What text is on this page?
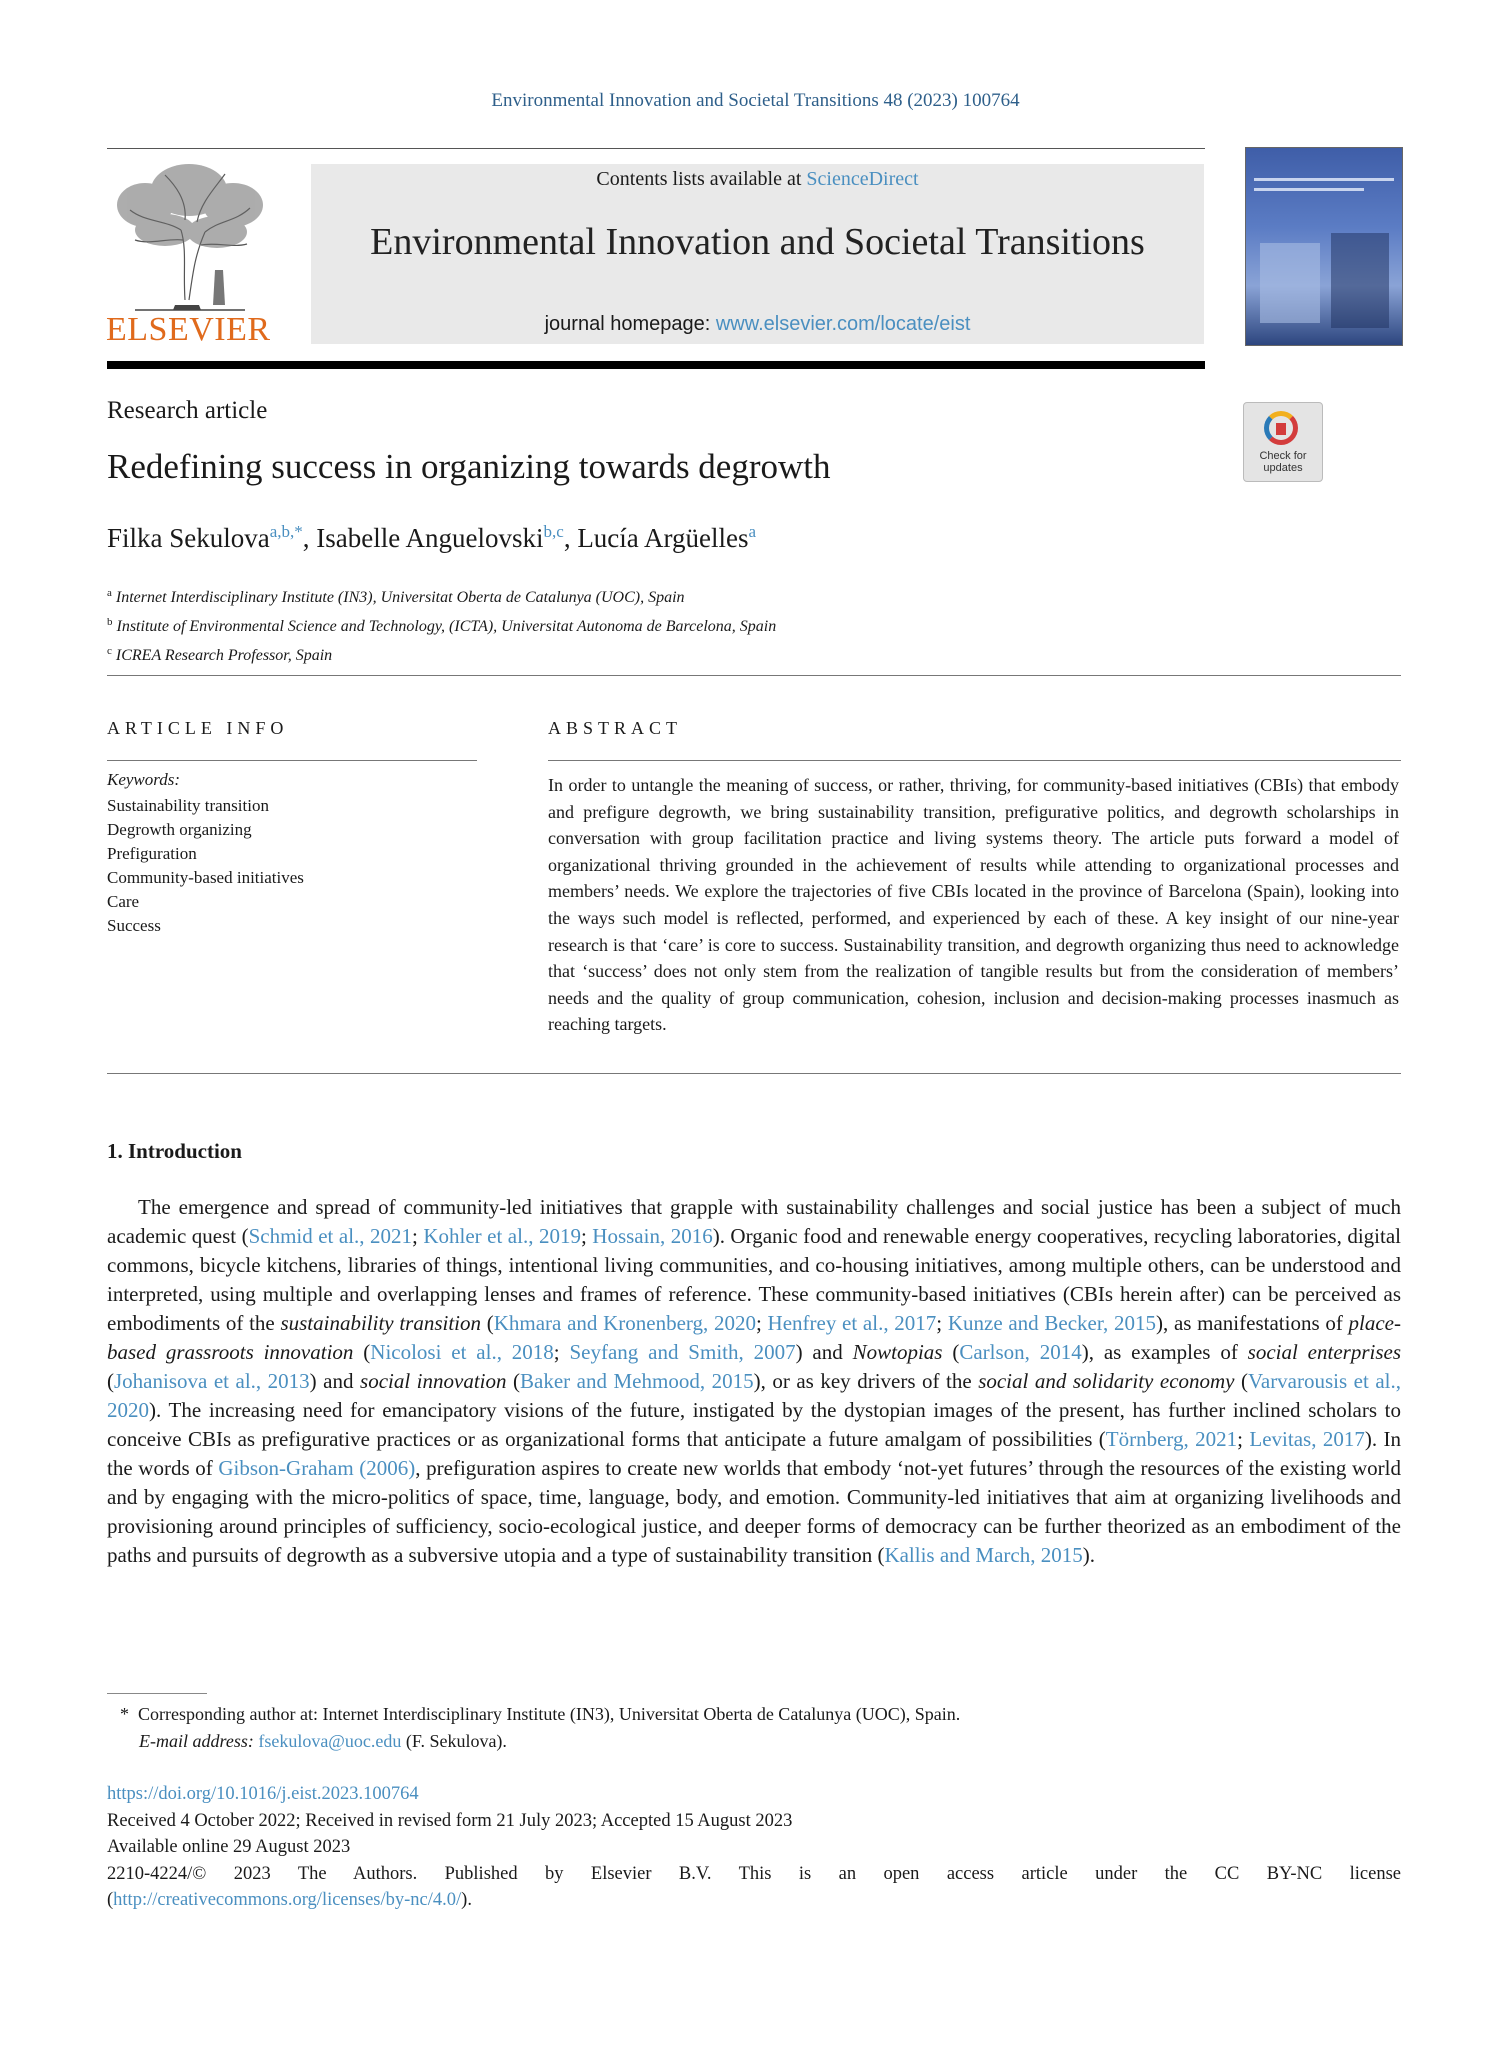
Environmental Innovation and Societal Transitions 48 (2023) 100764
ELSEVIER
Contents lists available at ScienceDirect
Environmental Innovation and Societal Transitions
journal homepage: www.elsevier.com/locate/eist
Research article
Redefining success in organizing towards degrowth	Check for
updates
Filka Sekulova$^{a,b,*}$, Isabelle Anguelovski$^{b,c}$, Lucía Argüelles$^a$
$^a$ Internet Interdisciplinary Institute (IN3), Universitat Oberta de Catalunya (UOC), Spain
$^b$ Institute of Environmental Science and Technology, (ICTA), Universitat Autonoma de Barcelona, Spain
$^c$ ICREA Research Professor, Spain
ARTICLE INFO	ABSTRACT
Keywords:
Sustainability transition
Degrowth organizing
Prefiguration
Community-based initiatives
Care
Success
In order to untangle the meaning of success, or rather, thriving, for community-based initiatives (CBIs) that embody and prefigure degrowth, we bring sustainability transition, prefigurative politics, and degrowth scholarships in conversation with group facilitation practice and living systems theory. The article puts forward a model of organizational thriving grounded in the achievement of results while attending to organizational processes and members’ needs. We explore the trajectories of five CBIs located in the province of Barcelona (Spain), looking into the ways such model is reflected, performed, and experienced by each of these. A key insight of our nine-year research is that ‘care’ is core to success. Sustainability transition, and degrowth organizing thus need to acknowledge that ‘success’ does not only stem from the realization of tangible results but from the consideration of members’ needs and the quality of group communication, cohesion, inclusion and decision-making processes inasmuch as reaching targets.
1. Introduction
The emergence and spread of community-led initiatives that grapple with sustainability challenges and social justice has been a subject of much academic quest (Schmid et al., 2021; Kohler et al., 2019; Hossain, 2016). Organic food and renewable energy cooperatives, recycling laboratories, digital commons, bicycle kitchens, libraries of things, intentional living communities, and co-housing initiatives, among multiple others, can be understood and interpreted, using multiple and overlapping lenses and frames of reference. These community-based initiatives (CBIs herein after) can be perceived as embodiments of the sustainability transition (Khmara and Kronenberg, 2020; Henfrey et al., 2017; Kunze and Becker, 2015), as manifestations of place-based grassroots innovation (Nicolosi et al., 2018; Seyfang and Smith, 2007) and Nowtopias (Carlson, 2014), as examples of social enterprises (Johanisova et al., 2013) and social innovation (Baker and Mehmood, 2015), or as key drivers of the social and solidarity economy (Varvarousis et al., 2020). The increasing need for emancipatory visions of the future, instigated by the dystopian images of the present, has further inclined scholars to conceive CBIs as prefigurative practices or as organizational forms that anticipate a future amalgam of possibilities (Törnberg, 2021; Levitas, 2017). In the words of Gibson-Graham (2006), prefiguration aspires to create new worlds that embody ‘not-yet futures’ through the resources of the existing world and by engaging with the micro-politics of space, time, language, body, and emotion. Community-led initiatives that aim at organizing livelihoods and provisioning around principles of sufficiency, socio-ecological justice, and deeper forms of democracy can be further theorized as an embodiment of the paths and pursuits of degrowth as a subversive utopia and a type of sustainability transition (Kallis and March, 2015).
* Corresponding author at: Internet Interdisciplinary Institute (IN3), Universitat Oberta de Catalunya (UOC), Spain.
E-mail address: fsekulova@uoc.edu (F. Sekulova).
https://doi.org/10.1016/j.eist.2023.100764
Received 4 October 2022; Received in revised form 21 July 2023; Accepted 15 August 2023
Available online 29 August 2023
2210-4224/© 2023 The Authors. Published by Elsevier B.V. This is an open access article under the CC BY-NC license
(http://creativecommons.org/licenses/by-nc/4.0/).
